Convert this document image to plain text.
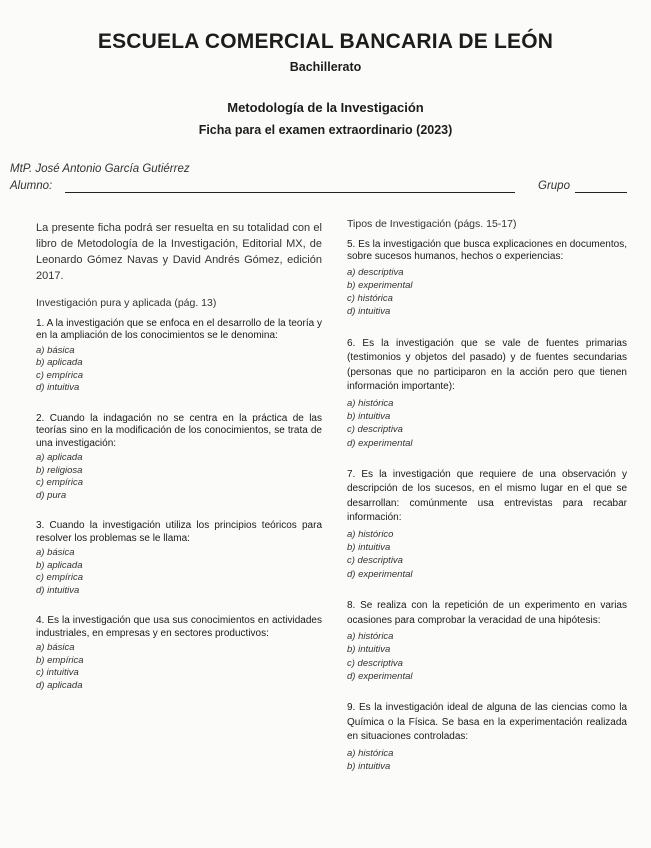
ESCUELA COMERCIAL BANCARIA DE LEÓN
Bachillerato
Metodología de la Investigación
Ficha para el examen extraordinario (2023)
MtP. José Antonio García Gutiérrez
Alumno:	Grupo

La presente ficha podrá ser resuelta en su totalidad con el libro de Metodología de la Investigación, Editorial MX, de Leonardo Gómez Navas y David Andrés Gómez, edición 2017.

Investigación pura y aplicada (pág. 13)

1. A la investigación que se enfoca en el desarrollo de la teoría y en la ampliación de los conocimientos se le denomina:

a) básica
b) aplicada
c) empírica
d) intuitiva

2. Cuando la indagación no se centra en la práctica de las teorías sino en la modificación de los conocimientos, se trata de una investigación:

a) aplicada
b) religiosa
c) empírica
d) pura

3. Cuando la investigación utiliza los principios teóricos para resolver los problemas se le llama:

a) básica
b) aplicada
c) empírica
d) intuitiva

4. Es la investigación que usa sus conocimientos en actividades industriales, en empresas y en sectores productivos:

a) básica
b) empírica
c) intuitiva
d) aplicada

Tipos de Investigación (págs. 15-17)

5. Es la investigación que busca explicaciones en documentos, sobre sucesos humanos, hechos o experiencias:

a) descriptiva
b) experimental
c) histórica
d) intuitiva

6. Es la investigación que se vale de fuentes primarias (testimonios y objetos del pasado) y de fuentes secundarias (personas que no participaron en la acción pero que tienen información importante):

a) histórica
b) intuitiva
c) descriptiva
d) experimental

7. Es la investigación que requiere de una observación y descripción de los sucesos, en el mismo lugar en el que se desarrollan: comúnmente usa entrevistas para recabar información:

a) histórico
b) intuitiva
c) descriptiva
d) experimental

8. Se realiza con la repetición de un experimento en varias ocasiones para comprobar la veracidad de una hipótesis:

a) histórica
b) intuitiva
c) descriptiva
d) experimental

9. Es la investigación ideal de alguna de las ciencias como la Química o la Física. Se basa en la experimentación realizada en situaciones controladas:

a) histórica
b) intuitiva
